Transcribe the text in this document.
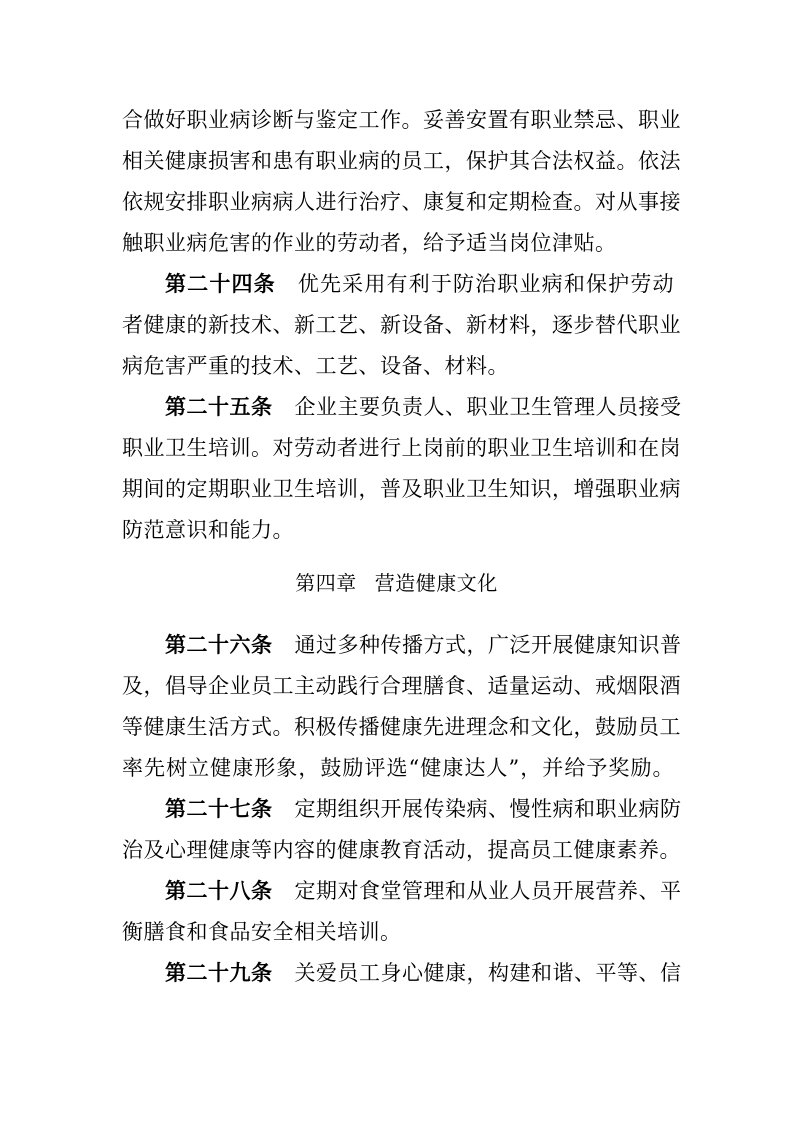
合做好职业病诊断与鉴定工作。妥善安置有职业禁忌、职业
相关健康损害和患有职业病的员工，保护其合法权益。依法
依规安排职业病病人进行治疗、康复和定期检查。对从事接
触职业病危害的作业的劳动者，给予适当岗位津贴。
第二十四条 优先采用有利于防治职业病和保护劳动
者健康的新技术、新工艺、新设备、新材料，逐步替代职业
病危害严重的技术、工艺、设备、材料。
第二十五条 企业主要负责人、职业卫生管理人员接受
职业卫生培训。对劳动者进行上岗前的职业卫生培训和在岗
期间的定期职业卫生培训，普及职业卫生知识，增强职业病
防范意识和能力。
第四章 营造健康文化
第二十六条 通过多种传播方式，广泛开展健康知识普
及，倡导企业员工主动践行合理膳食、适量运动、戒烟限酒
等健康生活方式。积极传播健康先进理念和文化，鼓励员工
率先树立健康形象，鼓励评选“健康达人”，并给予奖励。
第二十七条 定期组织开展传染病、慢性病和职业病防
治及心理健康等内容的健康教育活动，提高员工健康素养。
第二十八条 定期对食堂管理和从业人员开展营养、平
衡膳食和食品安全相关培训。
第二十九条 关爱员工身心健康，构建和谐、平等、信
